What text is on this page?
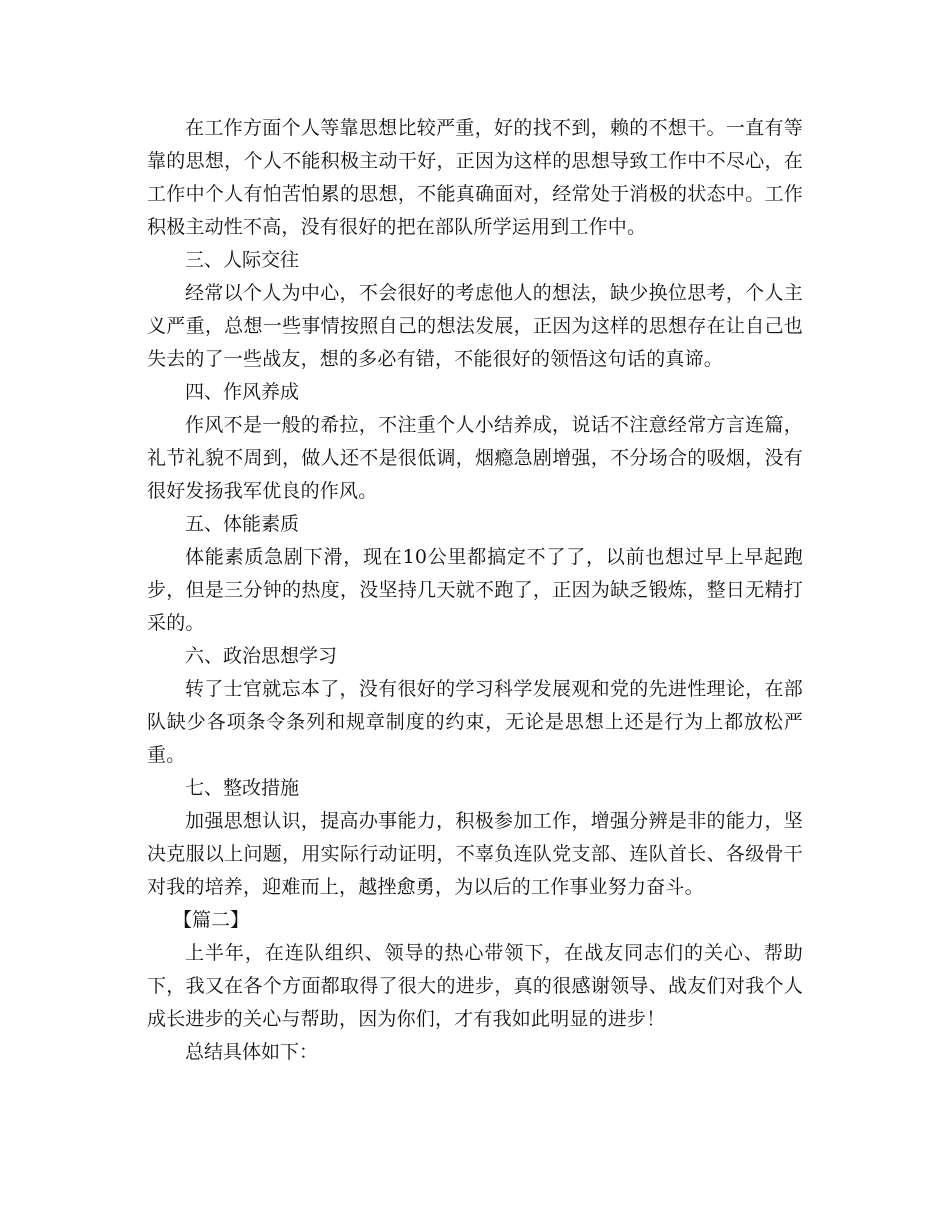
在工作方面个人等靠思想比较严重，好的找不到，赖的不想干。一直有等靠的思想，个人不能积极主动干好，正因为这样的思想导致工作中不尽心，在工作中个人有怕苦怕累的思想，不能真确面对，经常处于消极的状态中。工作积极主动性不高，没有很好的把在部队所学运用到工作中。

三、人际交往

经常以个人为中心，不会很好的考虑他人的想法，缺少换位思考，个人主义严重，总想一些事情按照自己的想法发展，正因为这样的思想存在让自己也失去的了一些战友，想的多必有错，不能很好的领悟这句话的真谛。

四、作风养成

作风不是一般的希拉，不注重个人小结养成，说话不注意经常方言连篇，礼节礼貌不周到，做人还不是很低调，烟瘾急剧增强，不分场合的吸烟，没有很好发扬我军优良的作风。

五、体能素质

体能素质急剧下滑，现在10公里都搞定不了了，以前也想过早上早起跑步，但是三分钟的热度，没坚持几天就不跑了，正因为缺乏锻炼，整日无精打采的。

六、政治思想学习

转了士官就忘本了，没有很好的学习科学发展观和党的先进性理论，在部队缺少各项条令条列和规章制度的约束，无论是思想上还是行为上都放松严重。

七、整改措施

加强思想认识，提高办事能力，积极参加工作，增强分辨是非的能力，坚决克服以上问题，用实际行动证明，不辜负连队党支部、连队首长、各级骨干对我的培养，迎难而上，越挫愈勇，为以后的工作事业努力奋斗。

【篇二】

上半年，在连队组织、领导的热心带领下，在战友同志们的关心、帮助下，我又在各个方面都取得了很大的进步，真的很感谢领导、战友们对我个人成长进步的关心与帮助，因为你们，才有我如此明显的进步！

总结具体如下：
